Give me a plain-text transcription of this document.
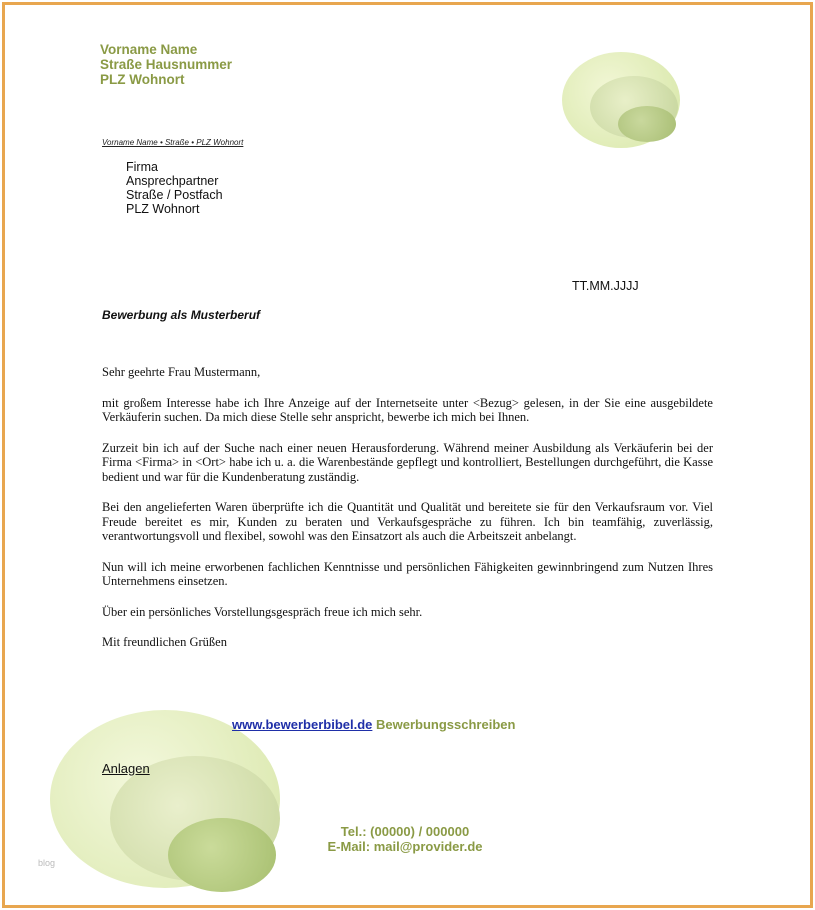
Vorname Name
Straße Hausnummer
PLZ Wohnort
Vorname Name • Straße • PLZ Wohnort
Firma
Ansprechpartner
Straße / Postfach
PLZ Wohnort
TT.MM.JJJJ
Bewerbung als Musterberuf

Sehr geehrte Frau Mustermann,

mit großem Interesse habe ich Ihre Anzeige auf der Internetseite unter <Bezug> gelesen, in der Sie eine ausgebildete Verkäuferin suchen. Da mich diese Stelle sehr anspricht, bewerbe ich mich bei Ihnen.

Zurzeit bin ich auf der Suche nach einer neuen Herausforderung. Während meiner Ausbildung als Verkäuferin bei der Firma <Firma> in <Ort> habe ich u. a. die Warenbestände gepflegt und kontrolliert, Bestellungen durchgeführt, die Kasse bedient und war für die Kundenberatung zuständig.

Bei den angelieferten Waren überprüfte ich die Quantität und Qualität und bereitete sie für den Verkaufsraum vor. Viel Freude bereitet es mir, Kunden zu beraten und Verkaufsgespräche zu führen. Ich bin teamfähig, zuverlässig, verantwortungsvoll und flexibel, sowohl was den Einsatzort als auch die Arbeitszeit anbelangt.

Nun will ich meine erworbenen fachlichen Kenntnisse und persönlichen Fähigkeiten gewinnbringend zum Nutzen Ihres Unternehmens einsetzen.

Über ein persönliches Vorstellungsgespräch freue ich mich sehr.

Mit freundlichen Grüßen

www.bewerberbibel.de Bewerbungsschreiben
Anlagen
Tel.: (00000) / 000000
E-Mail: mail@provider.de
blog
